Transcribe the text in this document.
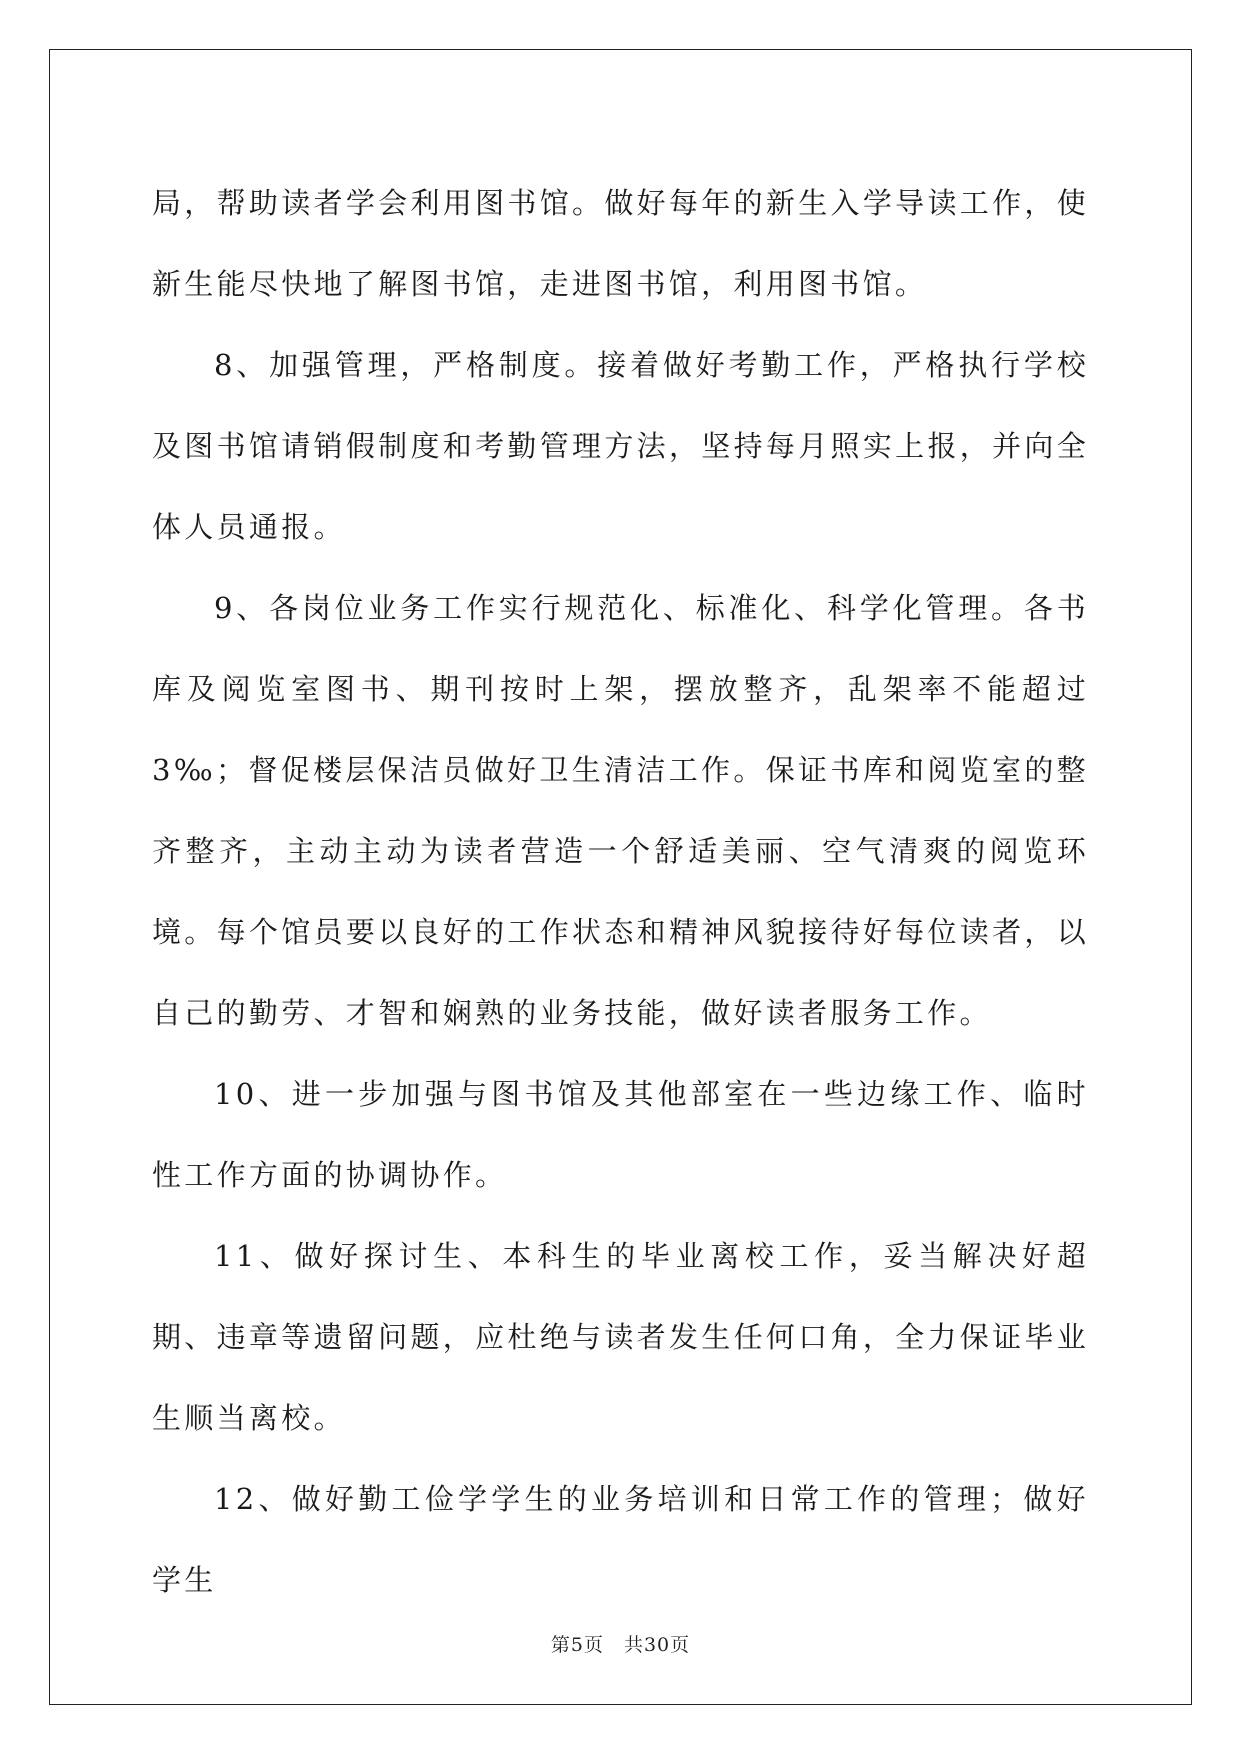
局，帮助读者学会利用图书馆。做好每年的新生入学导读工作，使新生能尽快地了解图书馆，走进图书馆，利用图书馆。

8、加强管理，严格制度。接着做好考勤工作，严格执行学校及图书馆请销假制度和考勤管理方法，坚持每月照实上报，并向全体人员通报。

9、各岗位业务工作实行规范化、标准化、科学化管理。各书库及阅览室图书、期刊按时上架，摆放整齐，乱架率不能超过3‰；督促楼层保洁员做好卫生清洁工作。保证书库和阅览室的整齐整齐，主动主动为读者营造一个舒适美丽、空气清爽的阅览环境。每个馆员要以良好的工作状态和精神风貌接待好每位读者，以自己的勤劳、才智和娴熟的业务技能，做好读者服务工作。

10、进一步加强与图书馆及其他部室在一些边缘工作、临时性工作方面的协调协作。

11、做好探讨生、本科生的毕业离校工作，妥当解决好超期、违章等遗留问题，应杜绝与读者发生任何口角，全力保证毕业生顺当离校。

12、做好勤工俭学学生的业务培训和日常工作的管理；做好学生

第5页　共30页
